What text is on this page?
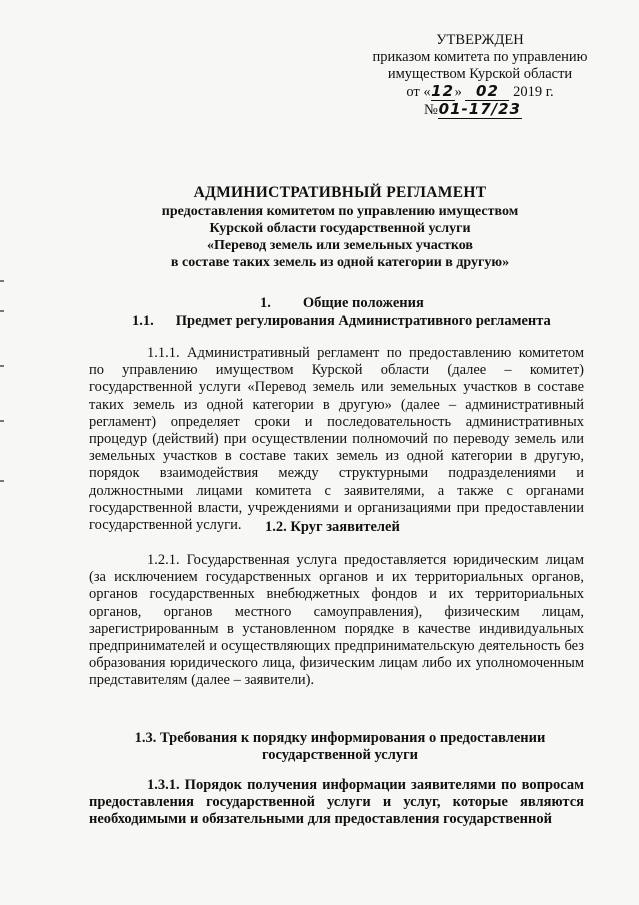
УТВЕРЖДЕН
приказом комитета по управлению
имуществом Курской области
от «12» 02 2019 г.
№01-17/23
АДМИНИСТРАТИВНЫЙ РЕГЛАМЕНТ
предоставления комитетом по управлению имуществом
Курской области государственной услуги
«Перевод земель или земельных участков
в составе таких земель из одной категории в другую»
1. Общие положения
1.1. Предмет регулирования Административного регламента
1.1.1. Административный регламент по предоставлению комитетом по управлению имуществом Курской области (далее – комитет) государственной услуги «Перевод земель или земельных участков в составе таких земель из одной категории в другую» (далее – административный регламент) определяет сроки и последовательность административных процедур (действий) при осуществлении полномочий по переводу земель или земельных участков в составе таких земель из одной категории в другую, порядок взаимодействия между структурными подразделениями и должностными лицами комитета с заявителями, а также с органами государственной власти, учреждениями и организациями при предоставлении государственной услуги.	1.2. Круг заявителей
1.2.1. Государственная услуга предоставляется юридическим лицам (за исключением государственных органов и их территориальных органов, органов государственных внебюджетных фондов и их территориальных органов, органов местного самоуправления), физическим лицам, зарегистрированным в установленном порядке в качестве индивидуальных предпринимателей и осуществляющих предпринимательскую деятельность без образования юридического лица, физическим лицам либо их уполномоченным представителям (далее – заявители).
1.3. Требования к порядку информирования о предоставлении
государственной услуги
1.3.1. Порядок получения информации заявителями по вопросам предоставления государственной услуги и услуг, которые являются необходимыми и обязательными для предоставления государственной
